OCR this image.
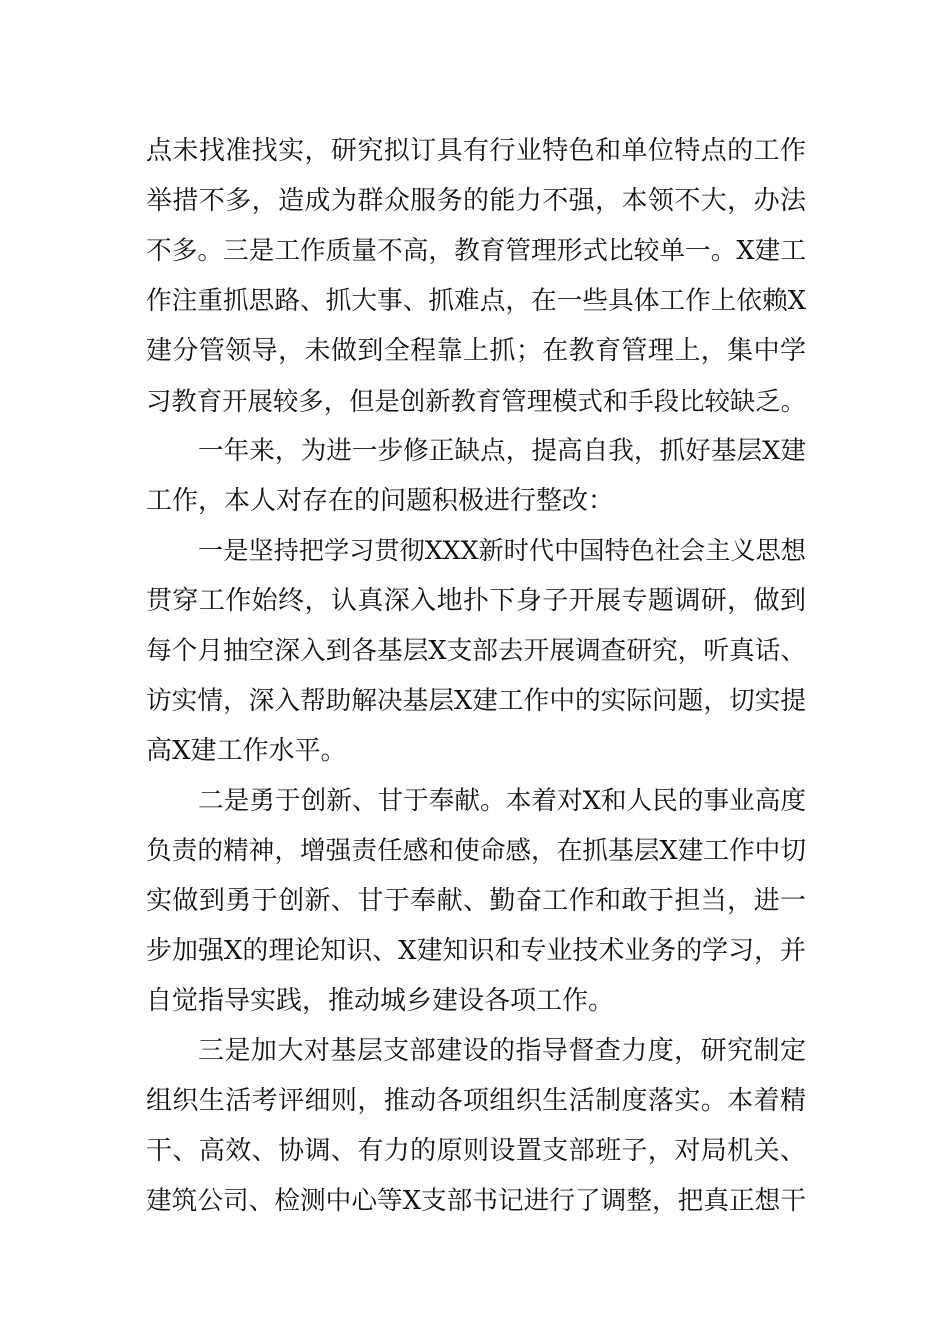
点未找准找实，研究拟订具有行业特色和单位特点的工作
举措不多，造成为群众服务的能力不强，本领不大，办法
不多。三是工作质量不高，教育管理形式比较单一。X建工
作注重抓思路、抓大事、抓难点，在一些具体工作上依赖X
建分管领导，未做到全程靠上抓；在教育管理上，集中学
习教育开展较多，但是创新教育管理模式和手段比较缺乏。
一年来，为进一步修正缺点，提高自我，抓好基层X建
工作，本人对存在的问题积极进行整改：
一是坚持把学习贯彻XXX新时代中国特色社会主义思想
贯穿工作始终，认真深入地扑下身子开展专题调研，做到
每个月抽空深入到各基层X支部去开展调查研究，听真话、
访实情，深入帮助解决基层X建工作中的实际问题，切实提
高X建工作水平。
二是勇于创新、甘于奉献。本着对X和人民的事业高度
负责的精神，增强责任感和使命感，在抓基层X建工作中切
实做到勇于创新、甘于奉献、勤奋工作和敢于担当，进一
步加强X的理论知识、X建知识和专业技术业务的学习，并
自觉指导实践，推动城乡建设各项工作。
三是加大对基层支部建设的指导督查力度，研究制定
组织生活考评细则，推动各项组织生活制度落实。本着精
干、高效、协调、有力的原则设置支部班子，对局机关、
建筑公司、检测中心等X支部书记进行了调整，把真正想干
